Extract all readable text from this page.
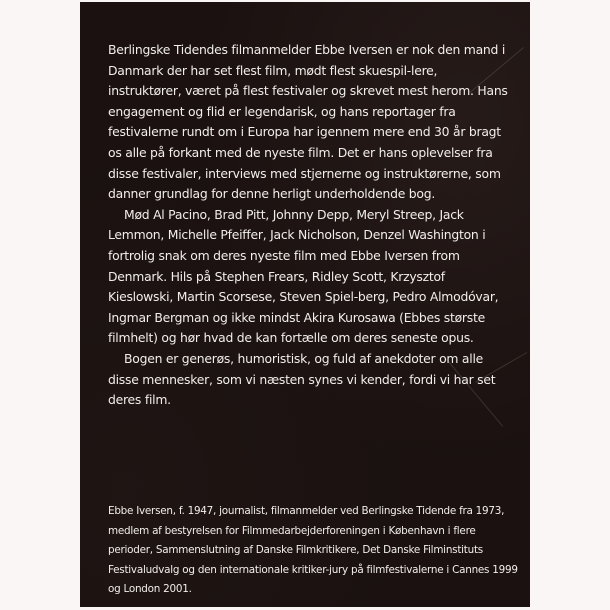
Berlingske Tidendes filmanmelder Ebbe Iversen er nok den mand i Danmark der har set flest film, mødt flest skuespil-lere, instruktører, været på flest festivaler og skrevet mest herom. Hans engagement og flid er legendarisk, og hans reportager fra festivalerne rundt om i Europa har igennem mere end 30 år bragt os alle på forkant med de nyeste film. Det er hans oplevelser fra disse festivaler, interviews med stjernerne og instruktørerne, som danner grundlag for denne herligt underholdende bog.

Mød Al Pacino, Brad Pitt, Johnny Depp, Meryl Streep, Jack Lemmon, Michelle Pfeiffer, Jack Nicholson, Denzel Washington i fortrolig snak om deres nyeste film med Ebbe Iversen from Denmark. Hils på Stephen Frears, Ridley Scott, Krzysztof Kieslowski, Martin Scorsese, Steven Spiel-berg, Pedro Almodóvar, Ingmar Bergman og ikke mindst Akira Kurosawa (Ebbes største filmhelt) og hør hvad de kan fortælle om deres seneste opus.

Bogen er generøs, humoristisk, og fuld af anekdoter om alle disse mennesker, som vi næsten synes vi kender, fordi vi har set deres film.

Ebbe Iversen, f. 1947, journalist, filmanmelder ved Berlingske Tidende fra 1973, medlem af bestyrelsen for Filmmedarbejderforeningen i København i flere perioder, Sammenslutning af Danske Filmkritikere, Det Danske Filminstituts Festivaludvalg og den internationale kritiker-jury på filmfestivalerne i Cannes 1999 og London 2001.
